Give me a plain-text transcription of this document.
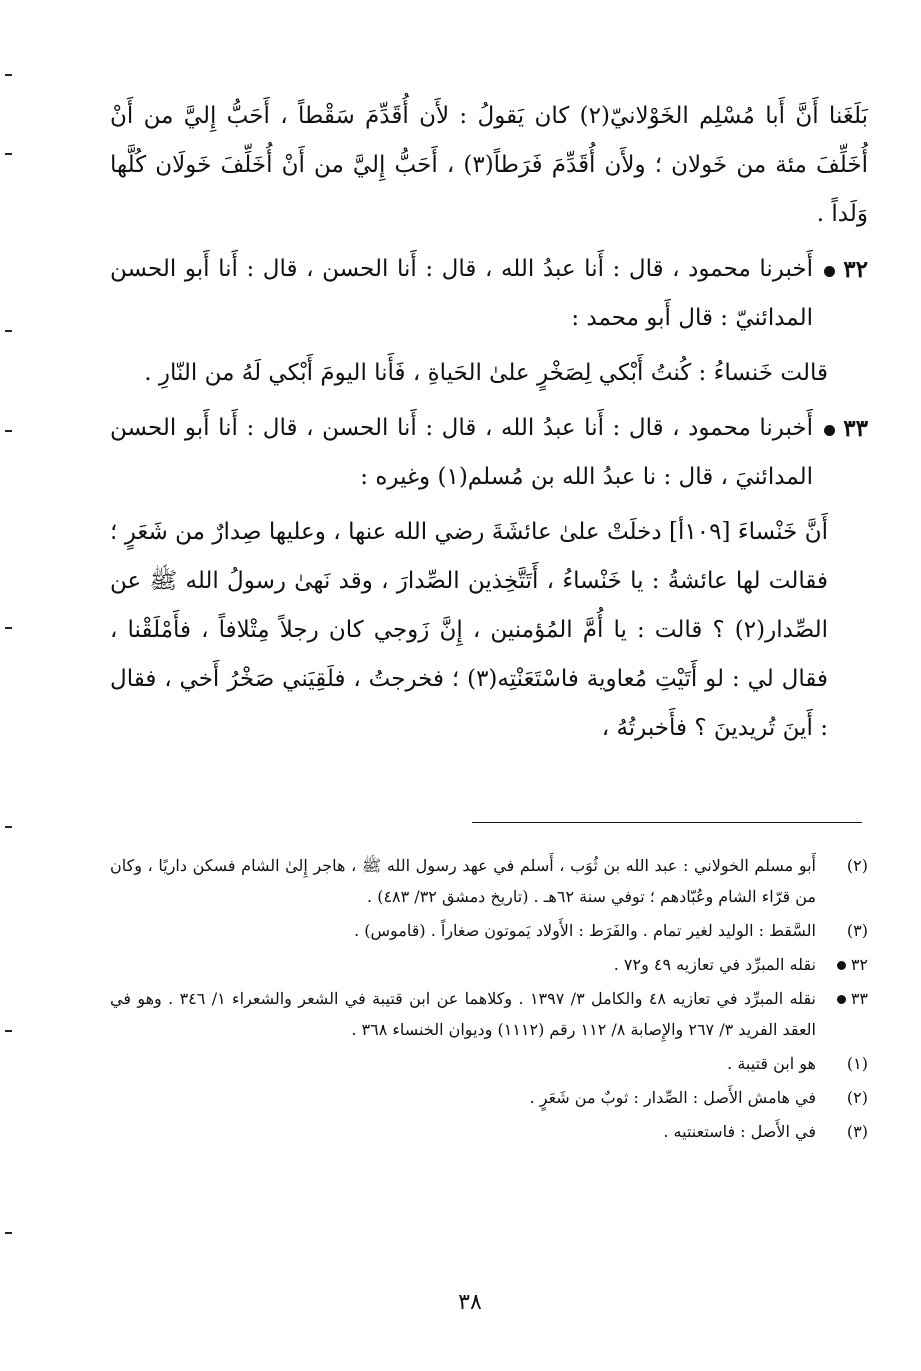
بَلَغَنا أَنَّ أَبا مُسْلِم الخَوْلانيّ(٢) كان يَقولُ : لأَن أُقَدِّمَ سَقْطاً ، أَحَبُّ إِليَّ من أَنْ أُخَلِّفَ مئة من خَولان ؛ ولأَن أُقَدِّمَ فَرَطاً(٣) ، أَحَبُّ إِليَّ من أَنْ أُخَلِّفَ خَولَان كُلَّها وَلَداً .

٣٢
أَخبرنا محمود ، قال : أَنا عبدُ الله ، قال : أَنا الحسن ، قال : أَنا أَبو الحسن المدائنيّ : قال أَبو محمد :

قالت خَنساءُ : كُنتُ أَبْكي لِصَخْرٍ علىٰ الحَياةِ ، فَأَنا اليومَ أَبْكي لَهُ من النّارِ .

٣٣
أَخبرنا محمود ، قال : أَنا عبدُ الله ، قال : أَنا الحسن ، قال : أَنا أَبو الحسن المدائنيَ ، قال : نا عبدُ الله بن مُسلم(١) وغيره :

أَنَّ خَنْساءَ [١٠٩أ] دخلَتْ علىٰ عائشَةَ رضي الله عنها ، وعليها صِدارٌ من شَعَرٍ ؛ فقالت لها عائشةُ : يا خَنْساءُ ، أَتَتَّخِذين الصِّدارَ ، وقد نَهىٰ رسولُ الله ﷺ عن الصِّدار(٢) ؟ قالت : يا أُمَّ المُؤمنين ، إِنَّ زَوجي كان رجلاً مِتْلافاً ، فأَمْلَقْنا ، فقال لي : لو أَتَيْتِ مُعاوية فاسْتَعَنْتِه(٣) ؛ فخرجتُ ، فلَقِيَني صَخْرُ أَخي ، فقال : أَينَ تُريدينَ ؟ فأَخبرتُهُ ،

(٢)
أَبو مسلم الخولاني : عبد الله بن ثُوَب ، أَسلم في عهد رسول الله ﷺ ، هاجر إِلىٰ الشام فسكن داريًا ، وكان من قرّاء الشام وعُبّادهم ؛ توفي سنة ٦٢هـ . (تاريخ دمشق ٣٢/ ٤٨٣) .

(٣)
السَّقط : الوليد لغير تمام . والفَرَط : الأَولاد يَموتون صغاراً . (قاموس) .

٣٢
نقله المبرِّد في تعازيه ٤٩ و٧٢ .

٣٣
نقله المبرِّد في تعازيه ٤٨ والكامل ٣/ ١٣٩٧ . وكلاهما عن ابن قتيبة في الشعر والشعراء ١/ ٣٤٦ . وهو في العقد الفريد ٣/ ٢٦٧ والإِصابة ٨/ ١١٢ رقم (١١١٢) وديوان الخنساء ٣٦٨ .

(١)
هو ابن قتيبة .

(٢)
في هامش الأَصل : الصِّدار : ثوبٌ من شَعَرٍ .

(٣)
في الأَصل : فاستعنتيه .

٣٨
